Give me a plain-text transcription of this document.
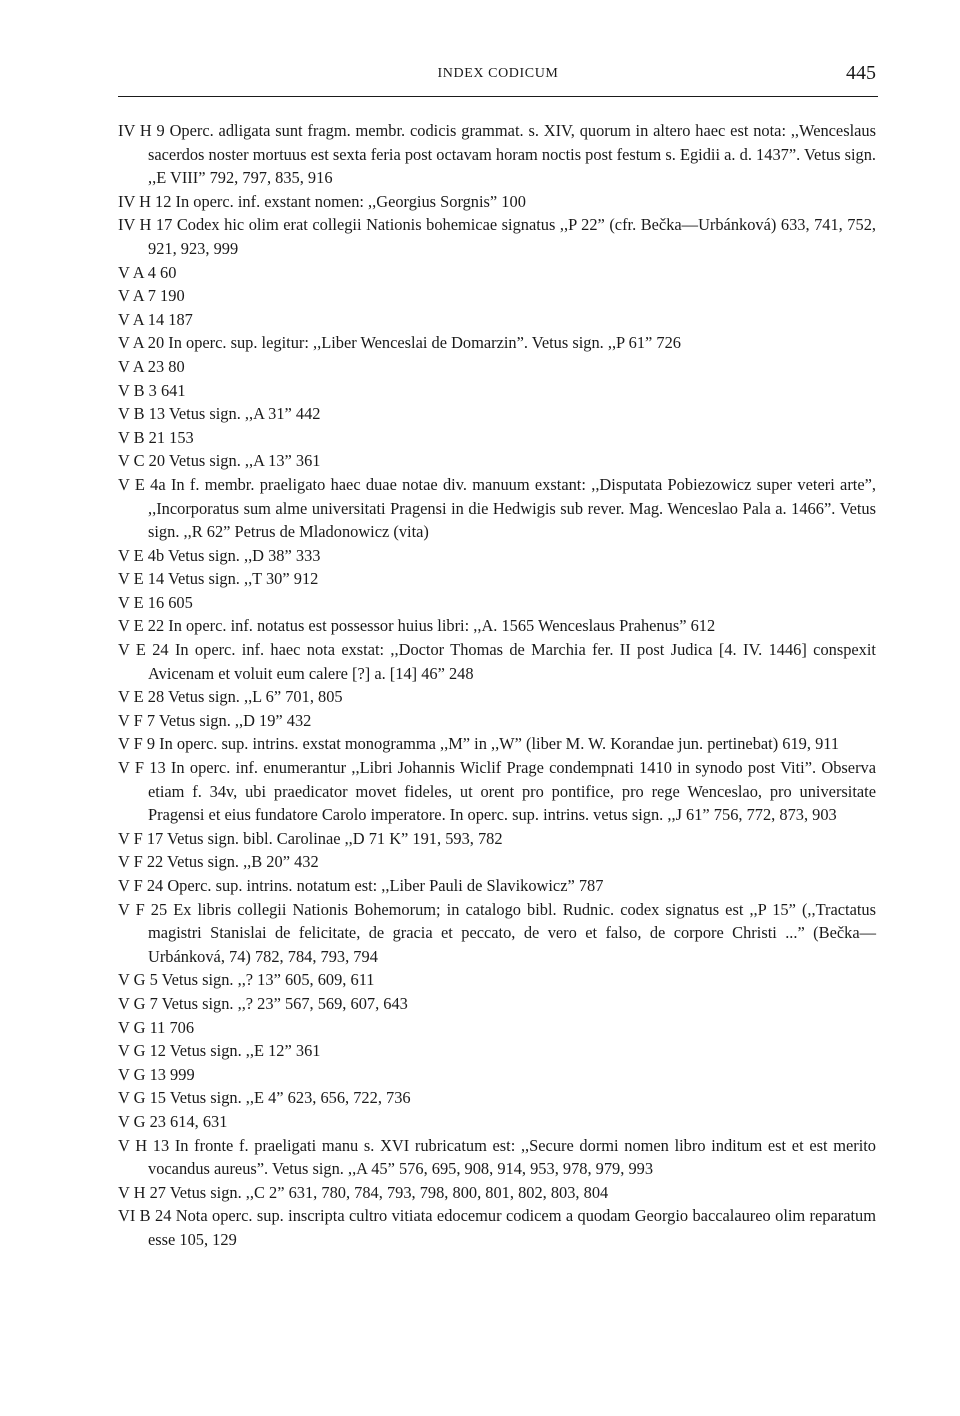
INDEX CODICUM	445
IV H 9 Operc. adligata sunt fragm. membr. codicis grammat. s. XIV, quorum in altero haec est nota: ,,Wenceslaus sacerdos noster mortuus est sexta feria post octavam horam noctis post festum s. Egidii a. d. 1437”. Vetus sign. ,,E VIII” 792, 797, 835, 916
IV H 12 In operc. inf. exstant nomen: ,,Georgius Sorgnis” 100
IV H 17 Codex hic olim erat collegii Nationis bohemicae signatus ,,P 22” (cfr. Bečka—Urbánková) 633, 741, 752, 921, 923, 999
V A 4 60
V A 7 190
V A 14 187
V A 20 In operc. sup. legitur: ,,Liber Wenceslai de Domarzin”. Vetus sign. ,,P 61” 726
V A 23 80
V B 3 641
V B 13 Vetus sign. ,,A 31” 442
V B 21 153
V C 20 Vetus sign. ,,A 13” 361
V E 4a In f. membr. praeligato haec duae notae div. manuum exstant: ,,Disputata Pobiezowicz super veteri arte”, ,,Incorporatus sum alme universitati Pragensi in die Hedwigis sub rever. Mag. Wenceslao Pala a. 1466”. Vetus sign. ,,R 62” Petrus de Mladonowicz (vita)
V E 4b Vetus sign. ,,D 38” 333
V E 14 Vetus sign. ,,T 30” 912
V E 16 605
V E 22 In operc. inf. notatus est possessor huius libri: ,,A. 1565 Wenceslaus Prahenus” 612
V E 24 In operc. inf. haec nota exstat: ,,Doctor Thomas de Marchia fer. II post Judica [4. IV. 1446] conspexit Avicenam et voluit eum calere [?] a. [14] 46” 248
V E 28 Vetus sign. ,,L 6” 701, 805
V F 7 Vetus sign. ,,D 19” 432
V F 9 In operc. sup. intrins. exstat monogramma ,,M” in ,,W” (liber M. W. Korandae jun. pertinebat) 619, 911
V F 13 In operc. inf. enumerantur ,,Libri Johannis Wiclif Prage condempnati 1410 in synodo post Viti”. Observa etiam f. 34v, ubi praedicator movet fideles, ut orent pro pontifice, pro rege Wenceslao, pro universitate Pragensi et eius fundatore Carolo imperatore. In operc. sup. intrins. vetus sign. ,,J 61” 756, 772, 873, 903
V F 17 Vetus sign. bibl. Carolinae ,,D 71 K” 191, 593, 782
V F 22 Vetus sign. ,,B 20” 432
V F 24 Operc. sup. intrins. notatum est: ,,Liber Pauli de Slavikowicz” 787
V F 25 Ex libris collegii Nationis Bohemorum; in catalogo bibl. Rudnic. codex signatus est ,,P 15” (,,Tractatus magistri Stanislai de felicitate, de gracia et peccato, de vero et falso, de corpore Christi ...” (Bečka—Urbánková, 74) 782, 784, 793, 794
V G 5 Vetus sign. ,,? 13” 605, 609, 611
V G 7 Vetus sign. ,,? 23” 567, 569, 607, 643
V G 11 706
V G 12 Vetus sign. ,,E 12” 361
V G 13 999
V G 15 Vetus sign. ,,E 4” 623, 656, 722, 736
V G 23 614, 631
V H 13 In fronte f. praeligati manu s. XVI rubricatum est: ,,Secure dormi nomen libro inditum est et est merito vocandus aureus”. Vetus sign. ,,A 45” 576, 695, 908, 914, 953, 978, 979, 993
V H 27 Vetus sign. ,,C 2” 631, 780, 784, 793, 798, 800, 801, 802, 803, 804
VI B 24 Nota operc. sup. inscripta cultro vitiata edocemur codicem a quodam Georgio baccalaureo olim reparatum esse 105, 129
